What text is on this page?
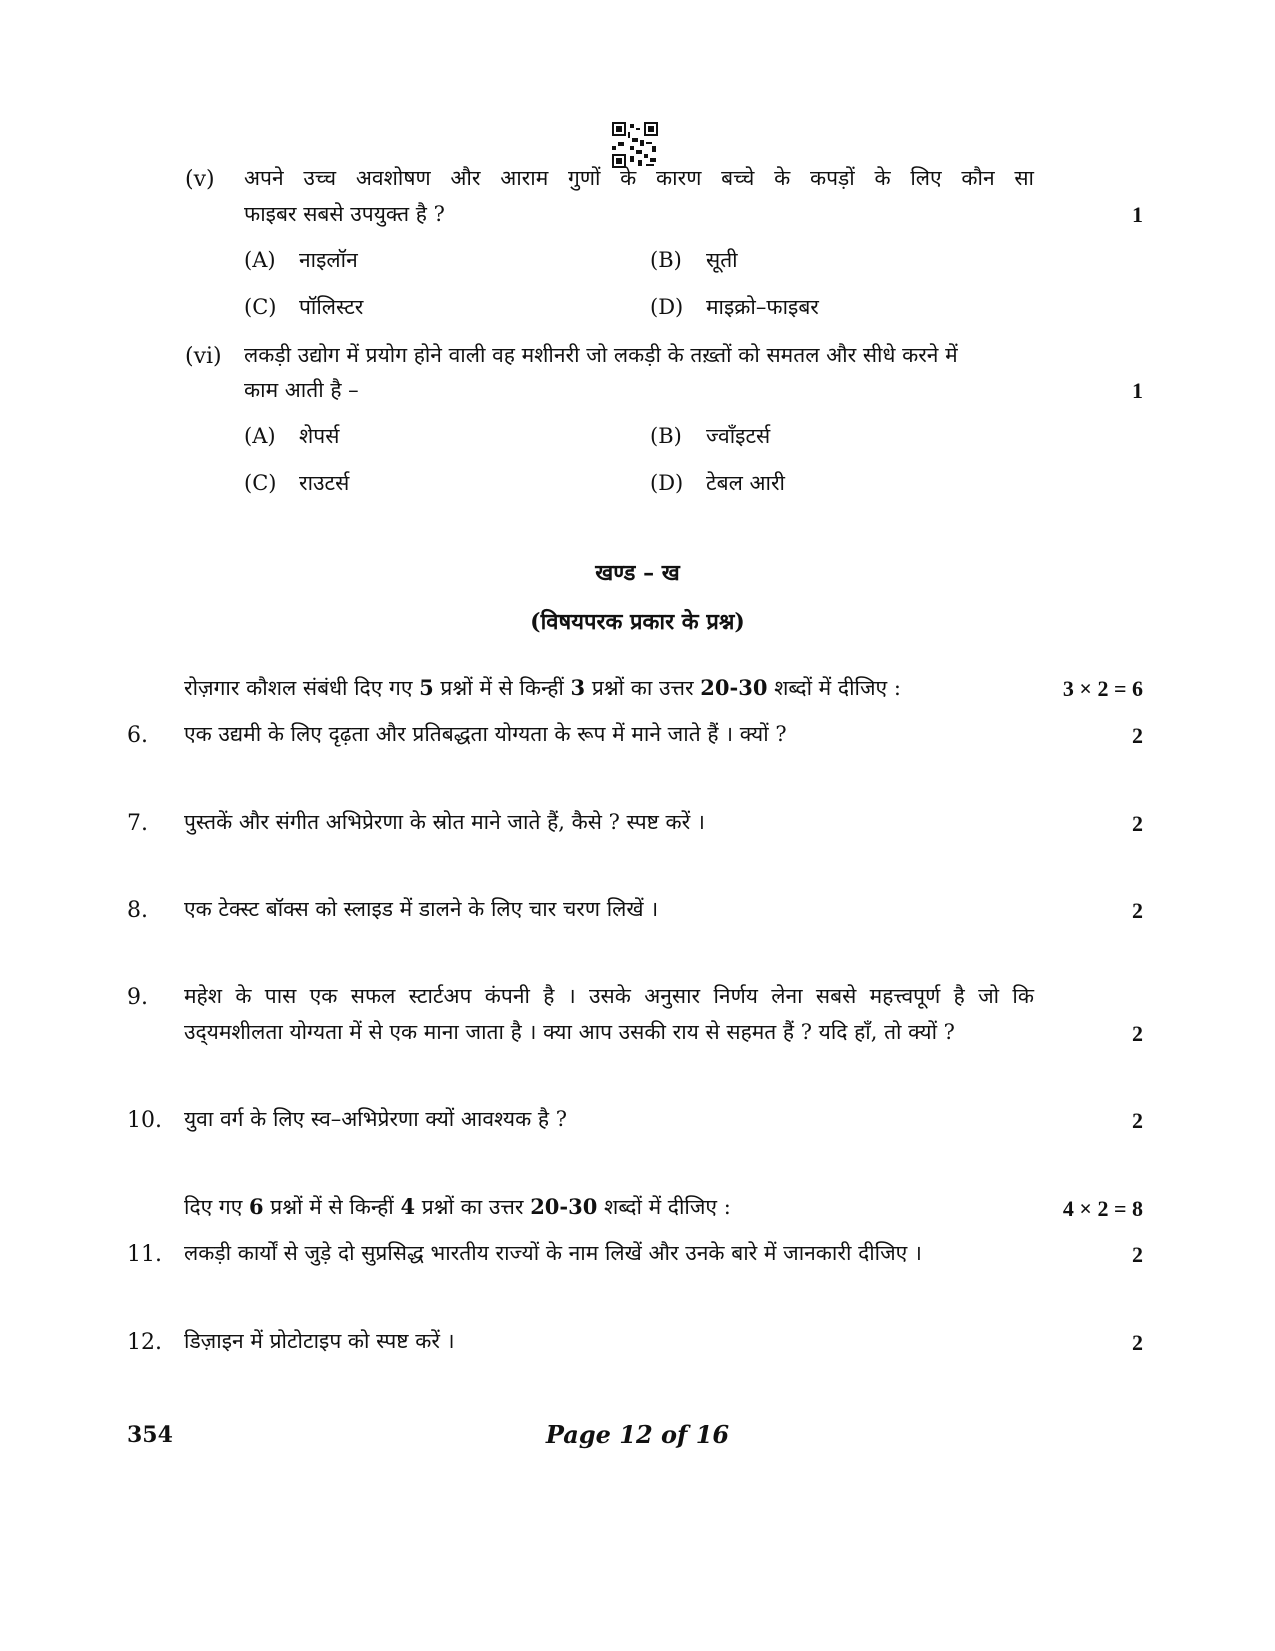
(v) अपने उच्च अवशोषण और आराम गुणों के कारण बच्चे के कपड़ों के लिए कौन सा
फाइबर सबसे उपयुक्त है ?	1
(A) नाइलॉन	(B) सूती
(C) पॉलिस्टर	(D) माइक्रो–फाइबर
(vi) लकड़ी उद्योग में प्रयोग होने वाली वह मशीनरी जो लकड़ी के तख़्तों को समतल और सीधे करने में
काम आती है –	1
(A) शेपर्स	(B) ज्वाँइटर्स
(C) राउटर्स	(D) टेबल आरी
खण्ड – ख
(विषयपरक प्रकार के प्रश्न)
रोज़गार कौशल संबंधी दिए गए 5 प्रश्नों में से किन्हीं 3 प्रश्नों का उत्तर 20-30 शब्दों में दीजिए :	3 × 2 = 6
6. एक उद्यमी के लिए दृढ़ता और प्रतिबद्धता योग्यता के रूप में माने जाते हैं । क्यों ?	2
7. पुस्तकें और संगीत अभिप्रेरणा के स्रोत माने जाते हैं, कैसे ? स्पष्ट करें ।	2
8. एक टेक्स्ट बॉक्स को स्लाइड में डालने के लिए चार चरण लिखें ।	2
9. महेश के पास एक सफल स्टार्टअप कंपनी है । उसके अनुसार निर्णय लेना सबसे महत्त्वपूर्ण है जो कि
उद्‌यमशीलता योग्यता में से एक माना जाता है । क्या आप उसकी राय से सहमत हैं ? यदि हाँ, तो क्यों ?	2
10. युवा वर्ग के लिए स्व–अभिप्रेरणा क्यों आवश्यक है ?	2
दिए गए 6 प्रश्नों में से किन्हीं 4 प्रश्नों का उत्तर 20-30 शब्दों में दीजिए :	4 × 2 = 8
11. लकड़ी कार्यों से जुड़े दो सुप्रसिद्ध भारतीय राज्यों के नाम लिखें और उनके बारे में जानकारी दीजिए ।	2
12. डिज़ाइन में प्रोटोटाइप को स्पष्ट करें ।	2
354	Page 12 of 16
